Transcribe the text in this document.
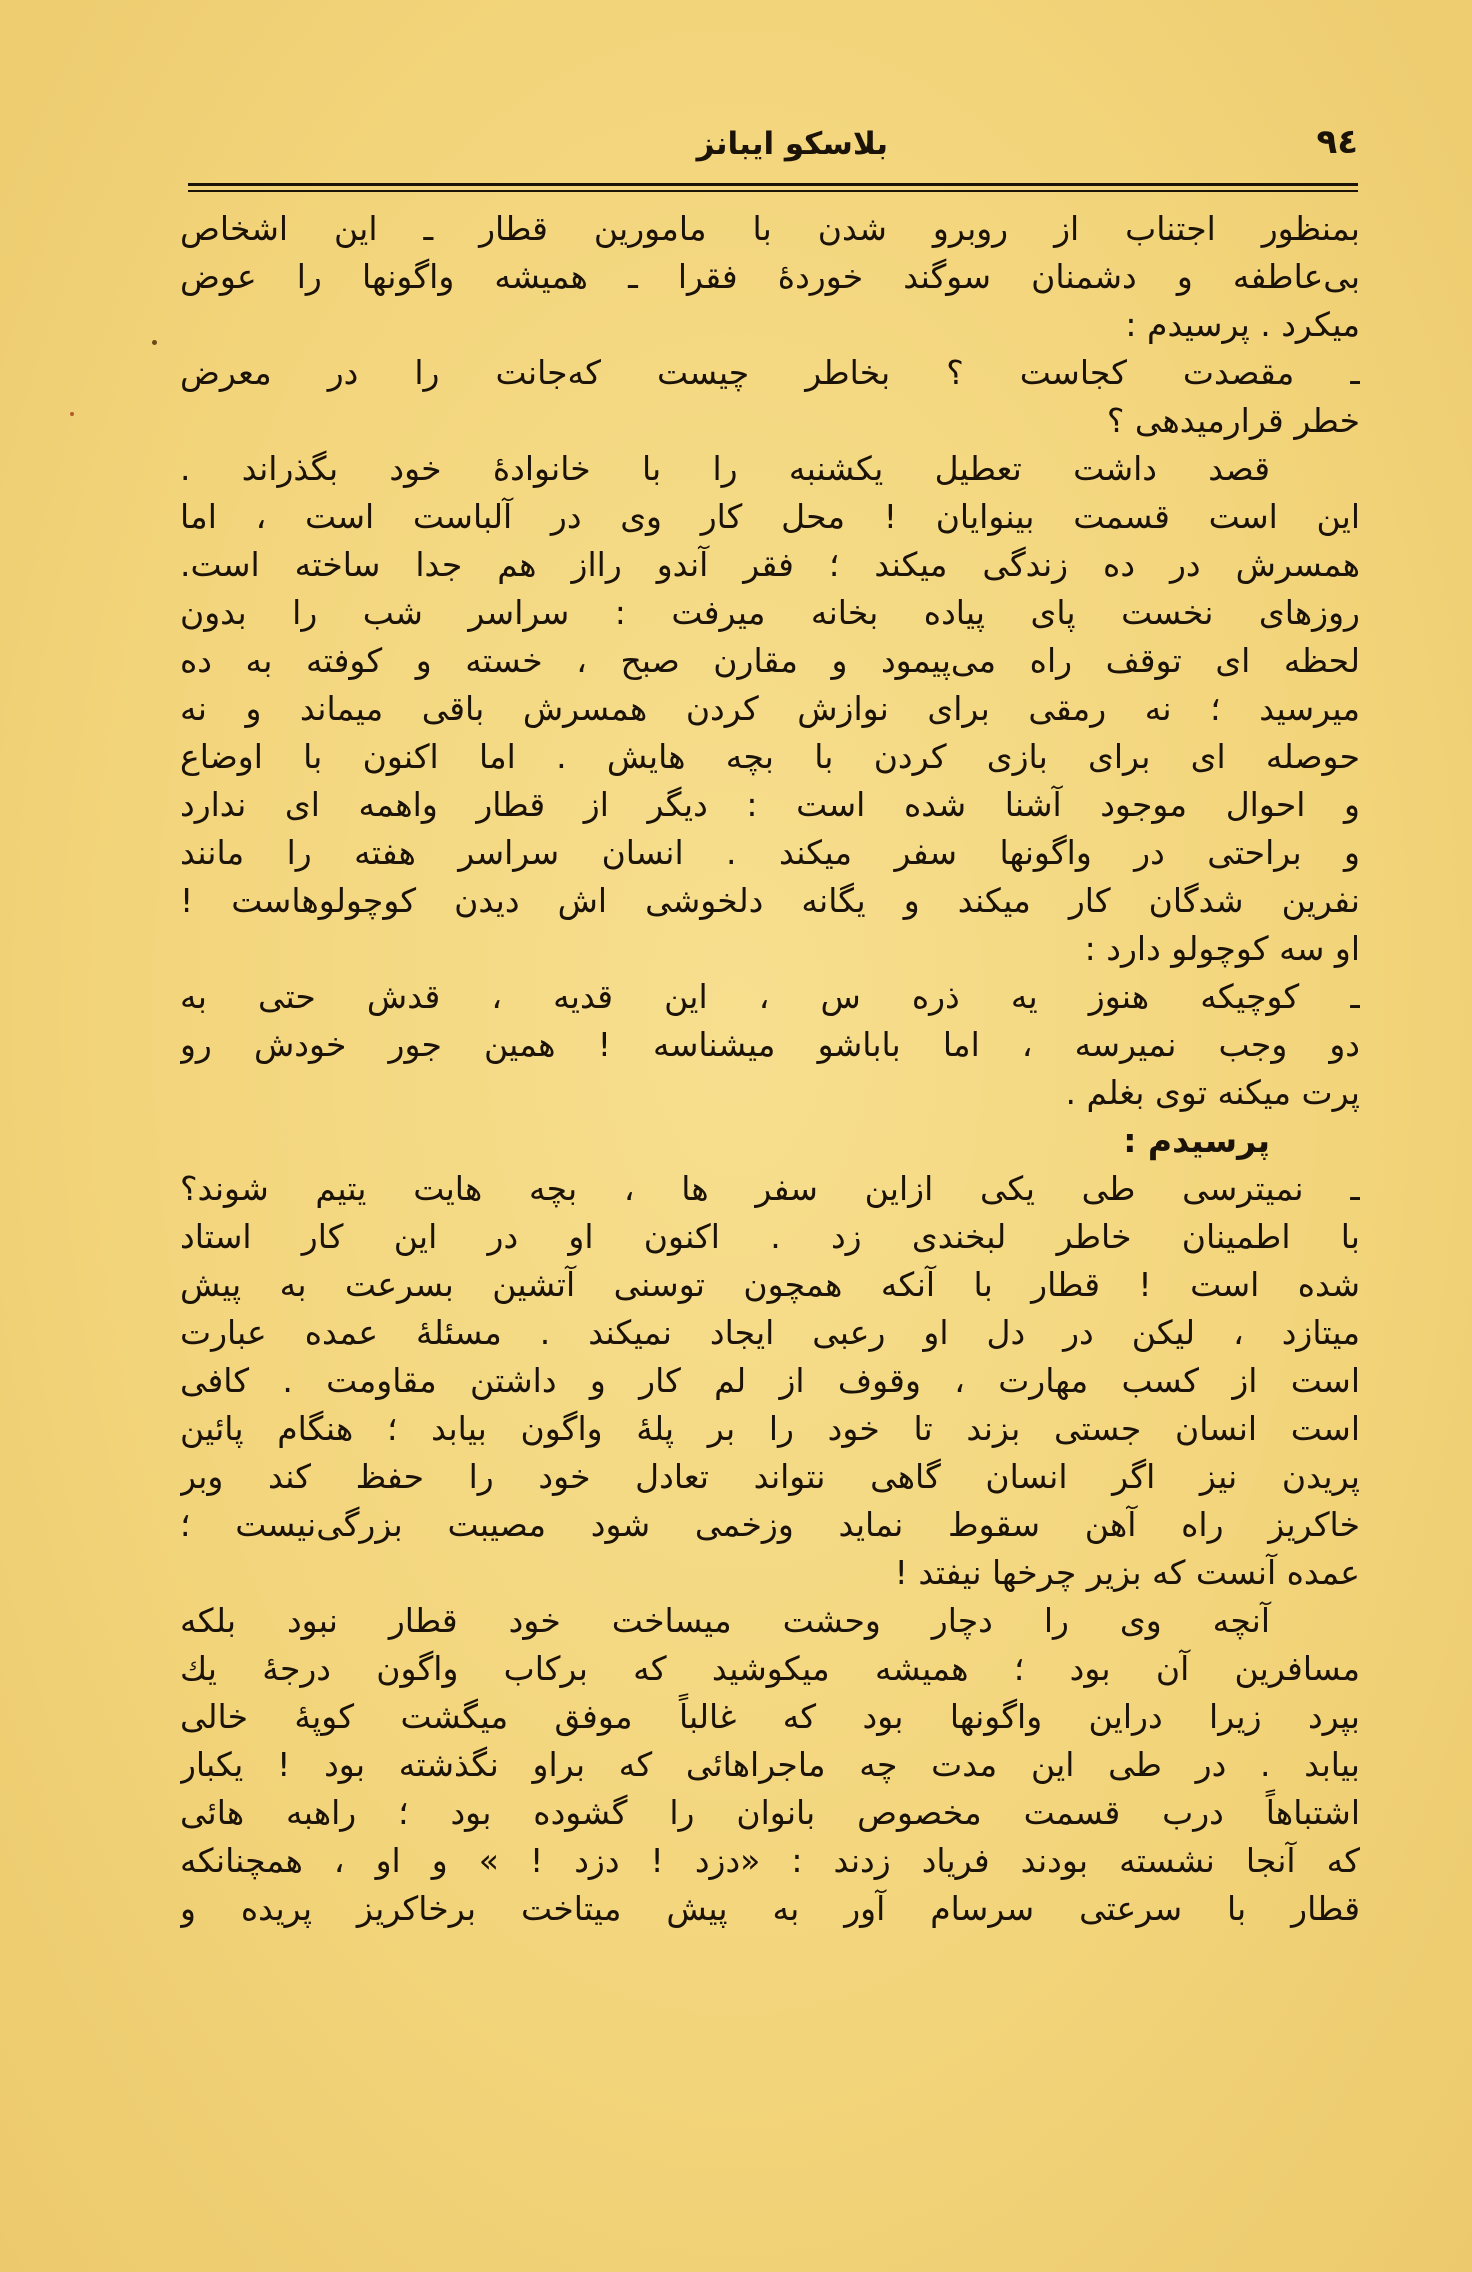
۹٤
بلاسکو ایبانز
بمنظور اجتناب از روبرو شدن با مامورین قطار ـ این اشخاص
بی‌عاطفه و دشمنان سوگند خوردهٔ فقرا ـ همیشه واگونها را عوض
میکرد . پرسیدم :
ـ مقصدت کجاست ؟ بخاطر چیست که‌جانت را در معرض
خطر قرارمیدهی ؟
قصد داشت تعطیل یکشنبه را با خانوادهٔ خود بگذراند .
این است قسمت بینوایان ! محل کار وی در آلباست است ، اما
همسرش در ده زندگی میکند ؛ فقر آندو رااز هم جدا ساخته است.
روزهای نخست پای پیاده بخانه میرفت : سراسر شب را بدون
لحظه ای توقف راه می‌پیمود و مقارن صبح ، خسته و کوفته به ده
میرسید ؛ نه رمقی برای نوازش کردن همسرش باقی میماند و نه
حوصله ای برای بازی کردن با بچه هایش . اما اکنون با اوضاع
و احوال موجود آشنا شده است : دیگر از قطار واهمه ای ندارد
و براحتی در واگونها سفر میکند . انسان سراسر هفته را مانند
نفرین شدگان کار میکند و یگانه دلخوشی اش دیدن کوچولوهاست !
او سه کوچولو دارد :
ـ کوچیکه هنوز یه ذره س ، این قدیه ، قدش حتی به
دو وجب نمیرسه ، اما باباشو میشناسه ! همین جور خودش رو
پرت میکنه توی بغلم .
پرسیدم :
ـ نمیترسی طی یکی ازاین سفر ها ، بچه هایت یتیم شوند؟
با اطمینان خاطر لبخندی زد . اکنون او در این کار استاد
شده است ! قطار با آنکه همچون توسنی آتشین بسرعت به پیش
میتازد ، لیکن در دل او رعبی ایجاد نمیکند . مسئلهٔ عمده عبارت
است از کسب مهارت ، وقوف از لم کار و داشتن مقاومت . کافی
است انسان جستی بزند تا خود را بر پلهٔ واگون بیابد ؛ هنگام پائین
پریدن نیز اگر انسان گاهی نتواند تعادل خود را حفظ کند وبر
خاکریز راه آهن سقوط نماید وزخمی شود مصیبت بزرگی‌نیست ؛
عمده آنست که بزیر چرخها نیفتد !
آنچه وی را دچار وحشت میساخت خود قطار نبود بلکه
مسافرین آن بود ؛ همیشه میکوشید که برکاب واگون درجهٔ یك
بپرد زیرا دراین واگونها بود که غالباً موفق میگشت کوپهٔ خالی
بیابد . در طی این مدت چه ماجراهائی که براو نگذشته بود ! یکبار
اشتباهاً درب قسمت مخصوص بانوان را گشوده بود ؛ راهبه هائی
که آنجا نشسته بودند فریاد زدند : «دزد ! دزد ! » و او ، همچنانکه
قطار با سرعتی سرسام آور به پیش میتاخت برخاکریز پریده و
